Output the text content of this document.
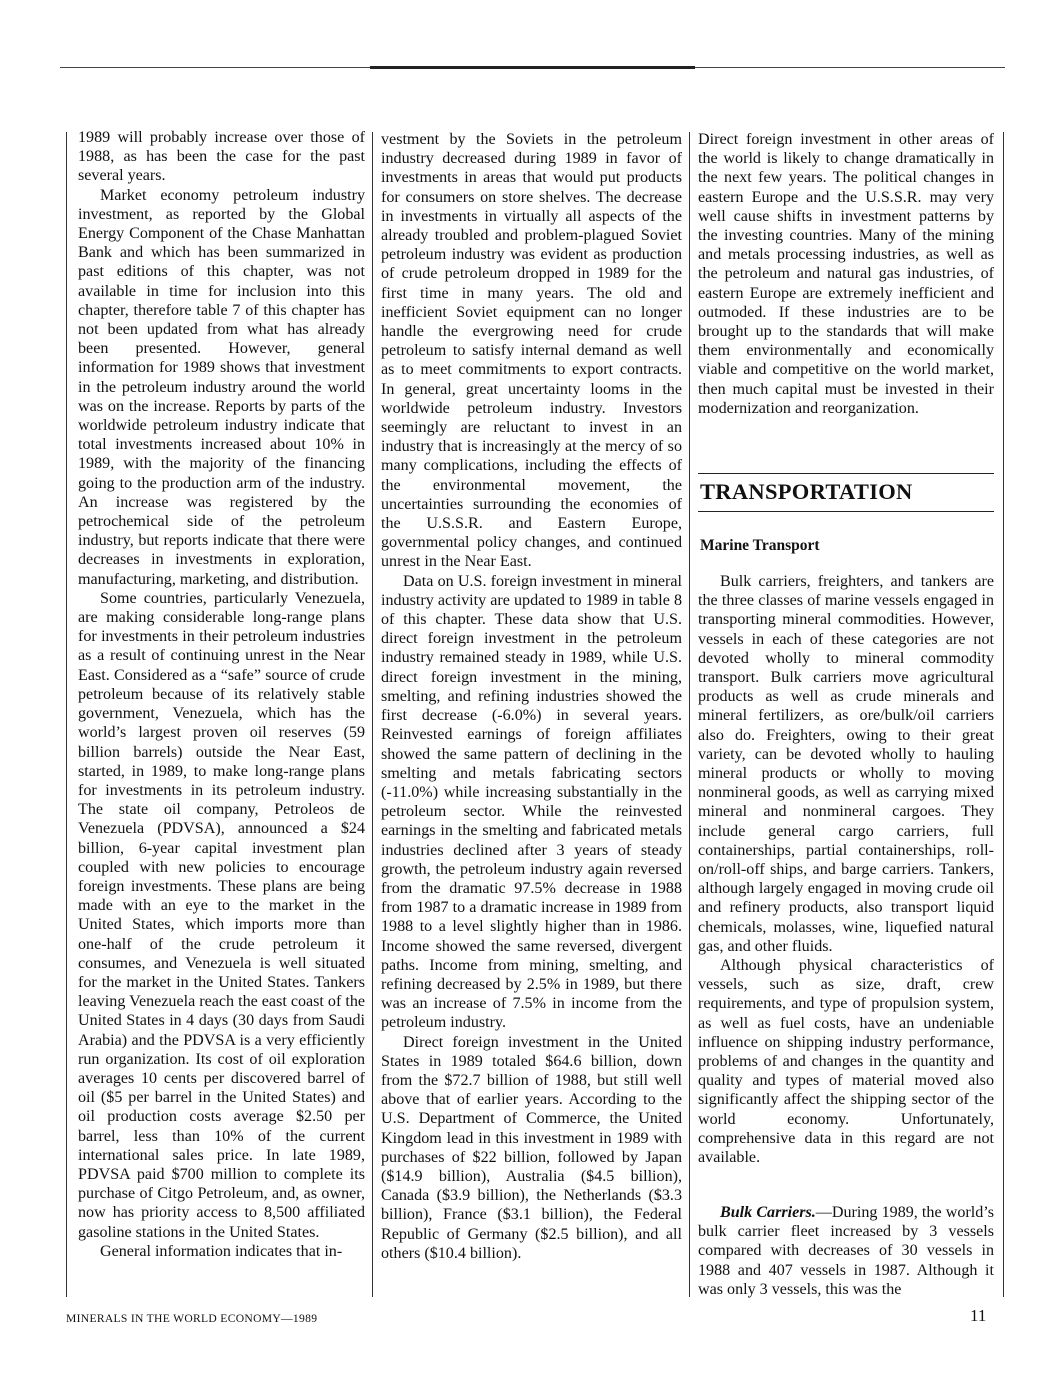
1989 will probably increase over those of 1988, as has been the case for the past several years.

Market economy petroleum industry investment, as reported by the Global Energy Component of the Chase Manhattan Bank and which has been summarized in past editions of this chapter, was not available in time for inclusion into this chapter, therefore table 7 of this chapter has not been updated from what has already been presented. However, general information for 1989 shows that investment in the petroleum industry around the world was on the increase. Reports by parts of the worldwide petroleum industry indicate that total investments increased about 10% in 1989, with the majority of the financing going to the production arm of the industry. An increase was registered by the petrochemical side of the petroleum industry, but reports indicate that there were decreases in investments in exploration, manufacturing, marketing, and distribution.

Some countries, particularly Venezuela, are making considerable long-range plans for investments in their petroleum industries as a result of continuing unrest in the Near East. Considered as a “safe” source of crude petroleum because of its relatively stable government, Venezuela, which has the world’s largest proven oil reserves (59 billion barrels) outside the Near East, started, in 1989, to make long-range plans for investments in its petroleum industry. The state oil company, Petroleos de Venezuela (PDVSA), announced a $24 billion, 6-year capital investment plan coupled with new policies to encourage foreign investments. These plans are being made with an eye to the market in the United States, which imports more than one-half of the crude petroleum it consumes, and Venezuela is well situated for the market in the United States. Tankers leaving Venezuela reach the east coast of the United States in 4 days (30 days from Saudi Arabia) and the PDVSA is a very efficiently run organization. Its cost of oil exploration averages 10 cents per discovered barrel of oil ($5 per barrel in the United States) and oil production costs average $2.50 per barrel, less than 10% of the current international sales price. In late 1989, PDVSA paid $700 million to complete its purchase of Citgo Petroleum, and, as owner, now has priority access to 8,500 affiliated gasoline stations in the United States.

General information indicates that in-

vestment by the Soviets in the petroleum industry decreased during 1989 in favor of investments in areas that would put products for consumers on store shelves. The decrease in investments in virtually all aspects of the already troubled and problem-plagued Soviet petroleum industry was evident as production of crude petroleum dropped in 1989 for the first time in many years. The old and inefficient Soviet equipment can no longer handle the evergrowing need for crude petroleum to satisfy internal demand as well as to meet commitments to export contracts. In general, great uncertainty looms in the worldwide petroleum industry. Investors seemingly are reluctant to invest in an industry that is increasingly at the mercy of so many complications, including the effects of the environmental movement, the uncertainties surrounding the economies of the U.S.S.R. and Eastern Europe, governmental policy changes, and continued unrest in the Near East.

Data on U.S. foreign investment in mineral industry activity are updated to 1989 in table 8 of this chapter. These data show that U.S. direct foreign investment in the petroleum industry remained steady in 1989, while U.S. direct foreign investment in the mining, smelting, and refining industries showed the first decrease (-6.0%) in several years. Reinvested earnings of foreign affiliates showed the same pattern of declining in the smelting and metals fabricating sectors (-11.0%) while increasing substantially in the petroleum sector. While the reinvested earnings in the smelting and fabricated metals industries declined after 3 years of steady growth, the petroleum industry again reversed from the dramatic 97.5% decrease in 1988 from 1987 to a dramatic increase in 1989 from 1988 to a level slightly higher than in 1986. Income showed the same reversed, divergent paths. Income from mining, smelting, and refining decreased by 2.5% in 1989, but there was an increase of 7.5% in income from the petroleum industry.

Direct foreign investment in the United States in 1989 totaled $64.6 billion, down from the $72.7 billion of 1988, but still well above that of earlier years. According to the U.S. Department of Commerce, the United Kingdom lead in this investment in 1989 with purchases of $22 billion, followed by Japan ($14.9 billion), Australia ($4.5 billion), Canada ($3.9 billion), the Netherlands ($3.3 billion), France ($3.1 billion), the Federal Republic of Germany ($2.5 billion), and all others ($10.4 billion).

Direct foreign investment in other areas of the world is likely to change dramatically in the next few years. The political changes in eastern Europe and the U.S.S.R. may very well cause shifts in investment patterns by the investing countries. Many of the mining and metals processing industries, as well as the petroleum and natural gas industries, of eastern Europe are extremely inefficient and outmoded. If these industries are to be brought up to the standards that will make them environmentally and economically viable and competitive on the world market, then much capital must be invested in their modernization and reorganization.

TRANSPORTATION

Marine Transport

Bulk carriers, freighters, and tankers are the three classes of marine vessels engaged in transporting mineral commodities. However, vessels in each of these categories are not devoted wholly to mineral commodity transport. Bulk carriers move agricultural products as well as crude minerals and mineral fertilizers, as ore/bulk/oil carriers also do. Freighters, owing to their great variety, can be devoted wholly to hauling mineral products or wholly to moving nonmineral goods, as well as carrying mixed mineral and nonmineral cargoes. They include general cargo carriers, full containerships, partial containerships, roll-on/roll-off ships, and barge carriers. Tankers, although largely engaged in moving crude oil and refinery products, also transport liquid chemicals, molasses, wine, liquefied natural gas, and other fluids.

Although physical characteristics of vessels, such as size, draft, crew requirements, and type of propulsion system, as well as fuel costs, have an undeniable influence on shipping industry performance, problems of and changes in the quantity and quality and types of material moved also significantly affect the shipping sector of the world economy. Unfortunately, comprehensive data in this regard are not available.

Bulk Carriers.—During 1989, the world’s bulk carrier fleet increased by 3 vessels compared with decreases of 30 vessels in 1988 and 407 vessels in 1987. Although it was only 3 vessels, this was the

MINERALS IN THE WORLD ECONOMY—1989	11
